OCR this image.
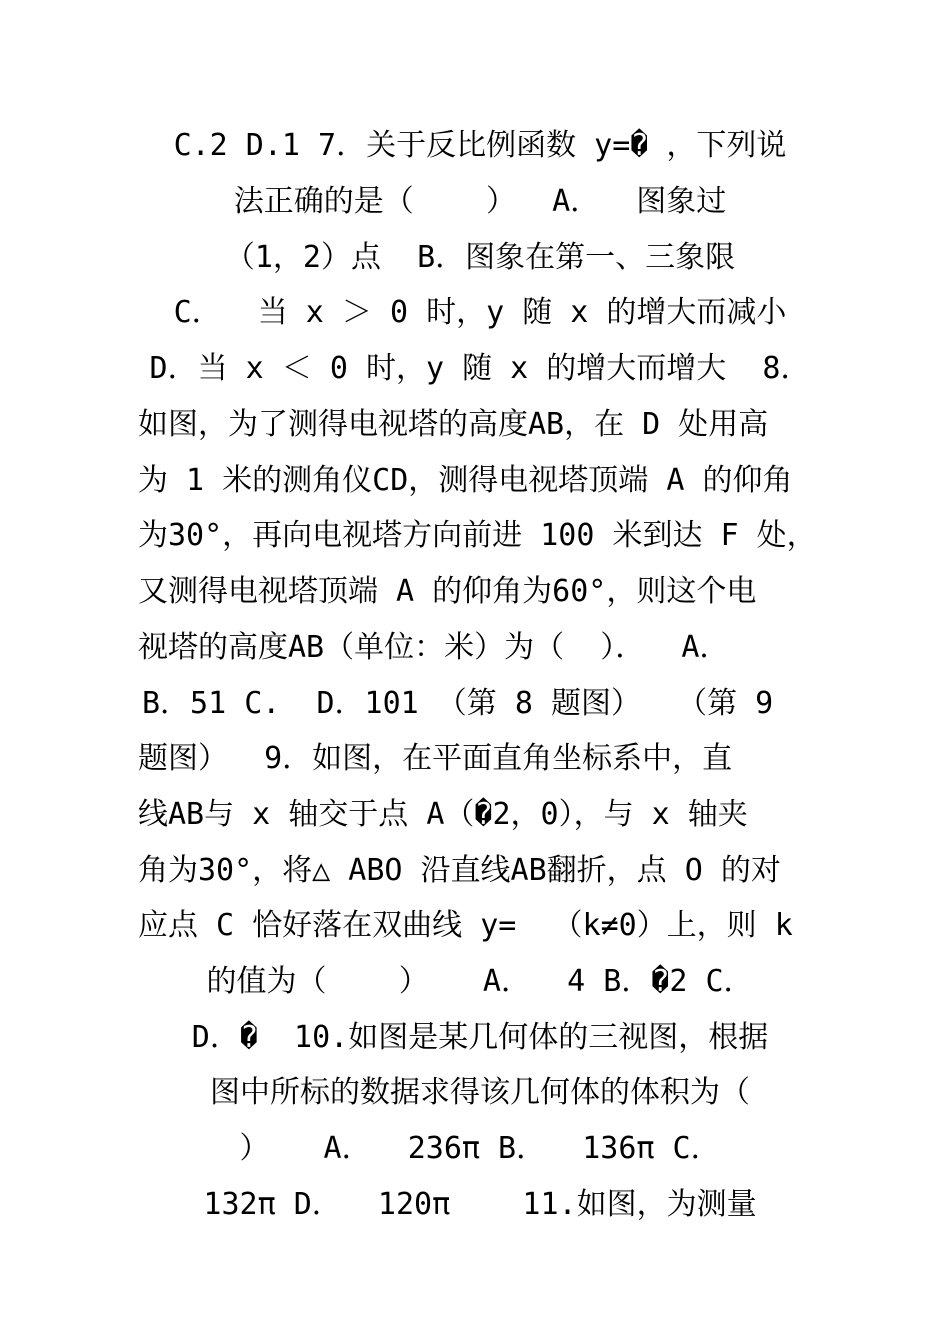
C.2 D.1 7．关于反比例函数 y=� ，下列说
法正确的是（    ）  A．  图象过
（1，2）点  B．图象在第一、三象限
C．  当 x ＞ 0 时，y 随 x 的增大而减小
D．当 x ＜ 0 时，y 随 x 的增大而增大  8．
如图，为了测得电视塔的高度AB，在 D 处用高
为 1 米的测角仪CD，测得电视塔顶端 A 的仰角
为30°，再向电视塔方向前进 100 米到达 F 处，
又测得电视塔顶端 A 的仰角为60°，则这个电
视塔的高度AB（单位：米）为（  ）．  A．
B．51 C.  D．101 （第 8 题图）  （第 9
题图）  9．如图，在平面直角坐标系中，直
线AB与 x 轴交于点 A（�2，0），与 x 轴夹
角为30°，将△ ABO 沿直线AB翻折，点 O 的对
应点 C 恰好落在双曲线 y=  （k≠0）上，则 k
的值为（    ）   A．  4 B．�2 C．
D．�  10.如图是某几何体的三视图，根据
图中所标的数据求得该几何体的体积为（
）   A．  236π B．  136π C．
132π D．  120π    11.如图，为测量
